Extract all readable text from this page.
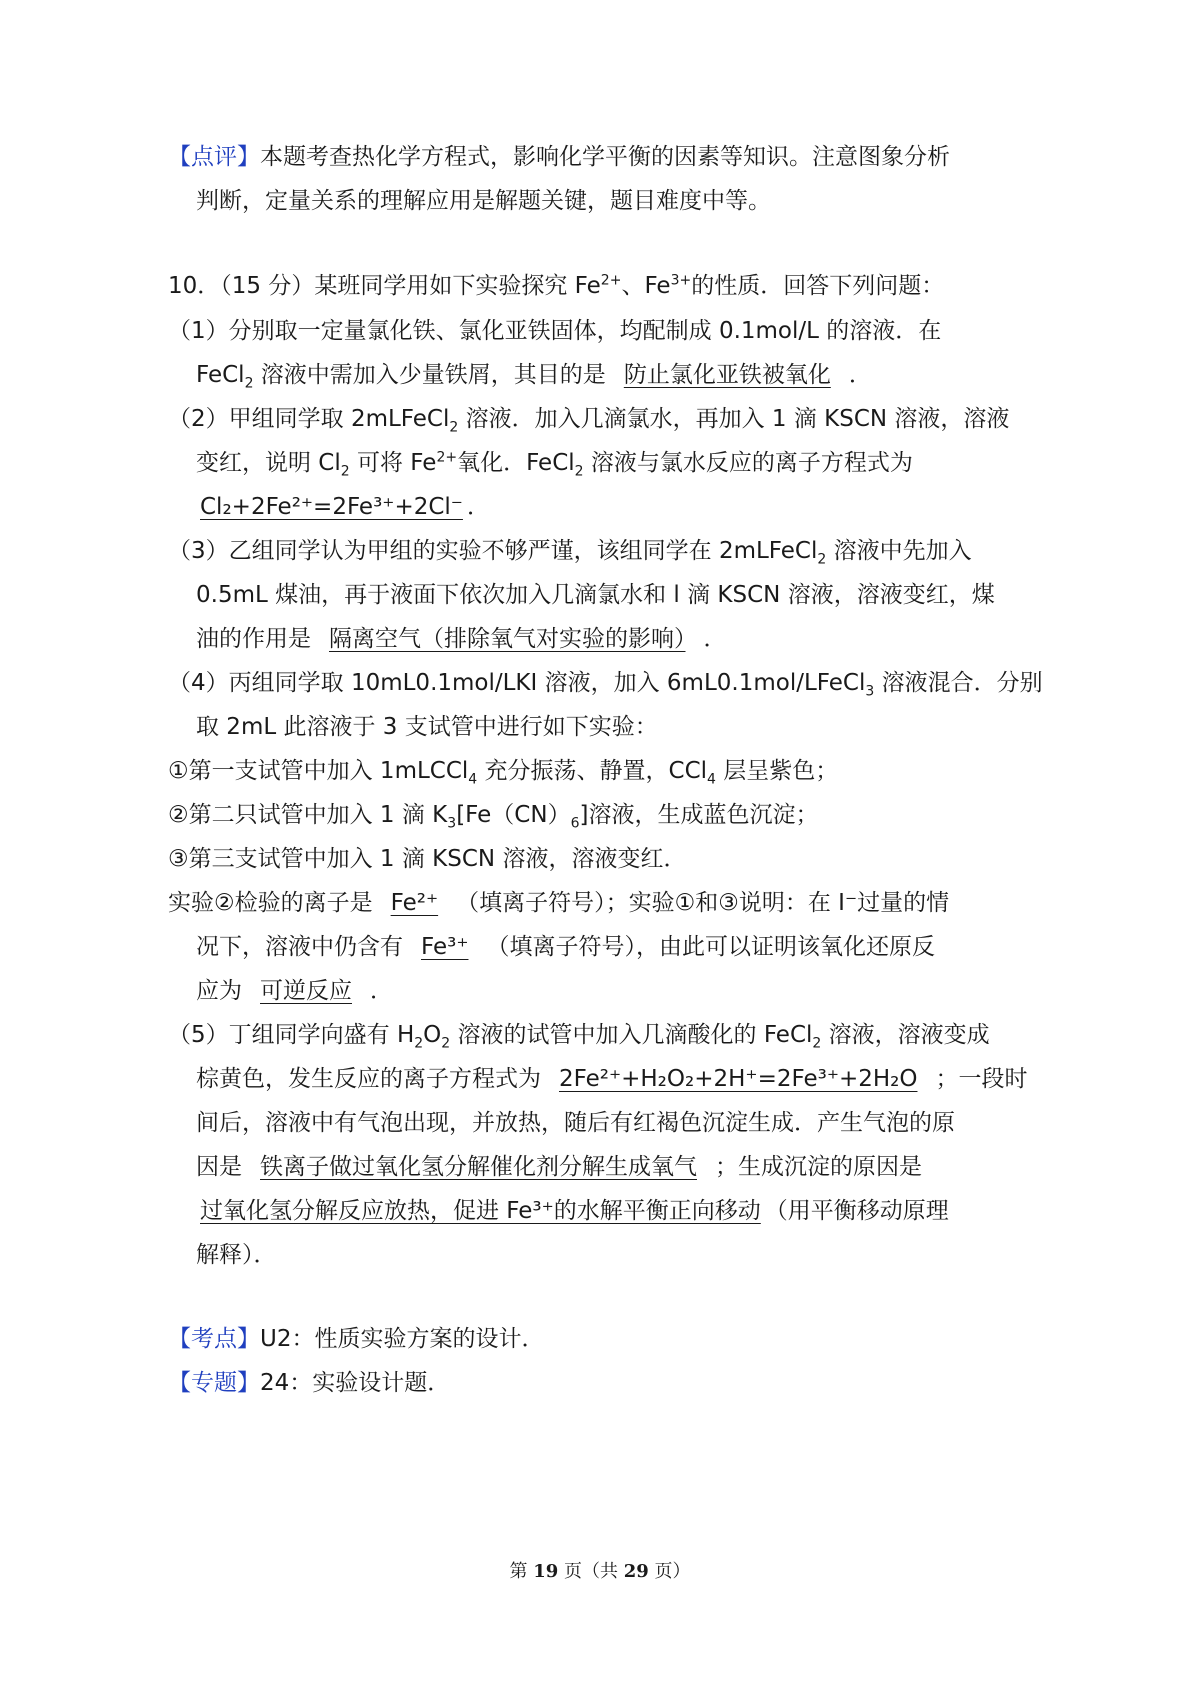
【点评】本题考查热化学方程式，影响化学平衡的因素等知识。注意图象分析
判断，定量关系的理解应用是解题关键，题目难度中等。
10．（15 分）某班同学用如下实验探究 $Fe^{2+}$、$Fe^{3+}$的性质．回答下列问题：
（1）分别取一定量氯化铁、氯化亚铁固体，均配制成 0.1mol/L 的溶液．在
FeCl$_2$ 溶液中需加入少量铁屑，其目的是 防止氯化亚铁被氧化 ．
（2）甲组同学取 2mLFeCl$_2$ 溶液．加入几滴氯水，再加入 1 滴 KSCN 溶液，溶液
变红，说明 $Cl_2$ 可将 $Fe^{2+}$氧化．FeCl$_2$ 溶液与氯水反应的离子方程式为
Cl₂+2Fe²⁺=2Fe³⁺+2Cl⁻ ．
（3）乙组同学认为甲组的实验不够严谨，该组同学在 2mLFeCl$_2$ 溶液中先加入
0.5mL 煤油，再于液面下依次加入几滴氯水和 l 滴 KSCN 溶液，溶液变红，煤
油的作用是 隔离空气（排除氧气对实验的影响） ．
（4）丙组同学取 10mL0.1mol/LKI 溶液，加入 6mL0.1mol/LFeCl$_3$ 溶液混合．分别
取 2mL 此溶液于 3 支试管中进行如下实验：
①第一支试管中加入 1mLCCl$_4$ 充分振荡、静置，CCl$_4$ 层呈紫色；
②第二只试管中加入 1 滴 $K_3[Fe(CN)_6]$溶液，生成蓝色沉淀；
③第三支试管中加入 1 滴 KSCN 溶液，溶液变红．
实验②检验的离子是 Fe²⁺ （填离子符号）；实验①和③说明：在 I⁻过量的情
况下，溶液中仍含有 Fe³⁺ （填离子符号），由此可以证明该氧化还原反
应为 可逆反应 ．
（5）丁组同学向盛有 $H_2O_2$ 溶液的试管中加入几滴酸化的 FeCl$_2$ 溶液，溶液变成
棕黄色，发生反应的离子方程式为 2Fe²⁺+H₂O₂+2H⁺=2Fe³⁺+2H₂O ；一段时
间后，溶液中有气泡出现，并放热，随后有红褐色沉淀生成．产生气泡的原
因是 铁离子做过氧化氢分解催化剂分解生成氧气 ；生成沉淀的原因是
过氧化氢分解反应放热，促进 Fe³⁺的水解平衡正向移动 （用平衡移动原理
解释）．
【考点】U2：性质实验方案的设计．
【专题】24：实验设计题．
第 19 页（共 29 页）
